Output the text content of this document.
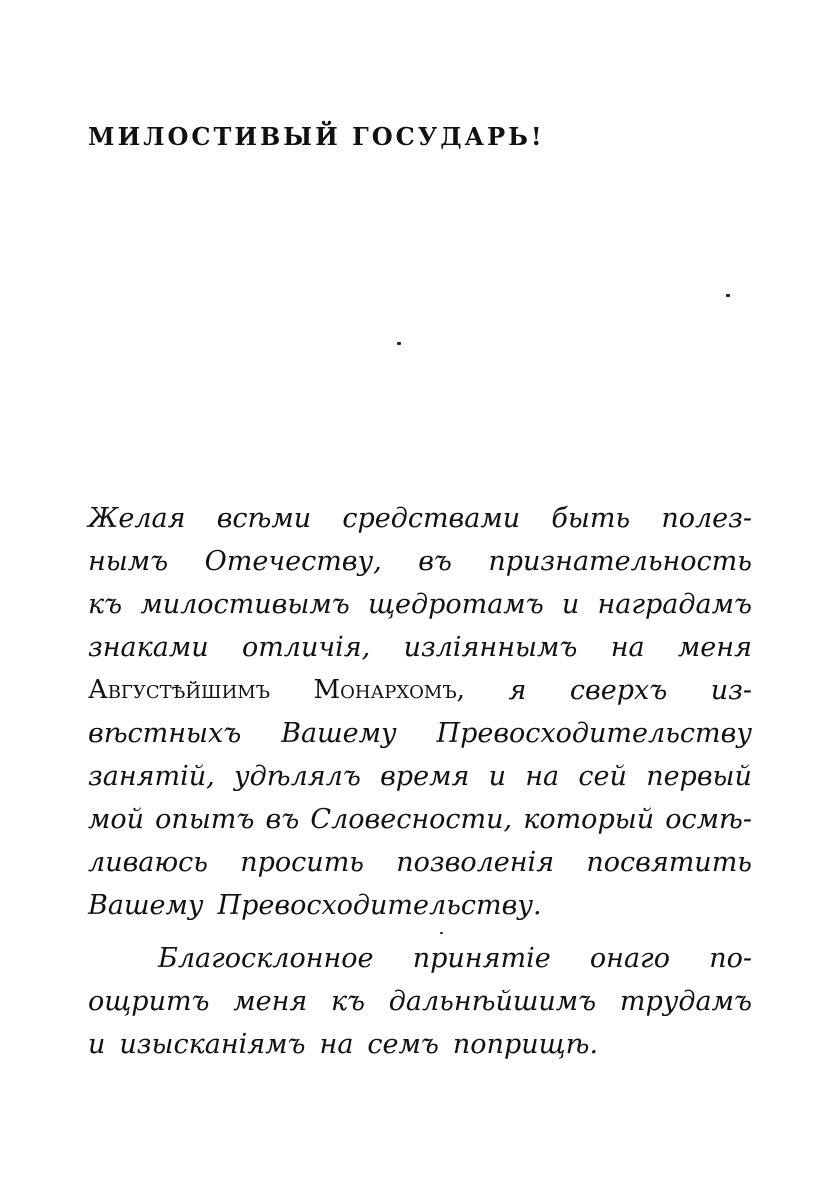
МИЛОСТИВЫЙ ГОСУДАРЬ!
Желая всѣми средствами быть полез-
нымъ Отечеству, въ признательность
къ милостивымъ щедротамъ и наградамъ
знаками отличія, изліяннымъ на меня
Августѣйшимъ Монархомъ, я сверхъ из-
вѣстныхъ Вашему Превосходительству
занятій, удѣлялъ время и на сей первый
мой опытъ въ Словесности, который осмѣ-
ливаюсь просить позволенія посвятить
Вашему Превосходительству.
Благосклонное принятіе онаго по-
ощритъ меня къ дальнѣйшимъ трудамъ
и изысканіямъ на семъ поприщѣ.
